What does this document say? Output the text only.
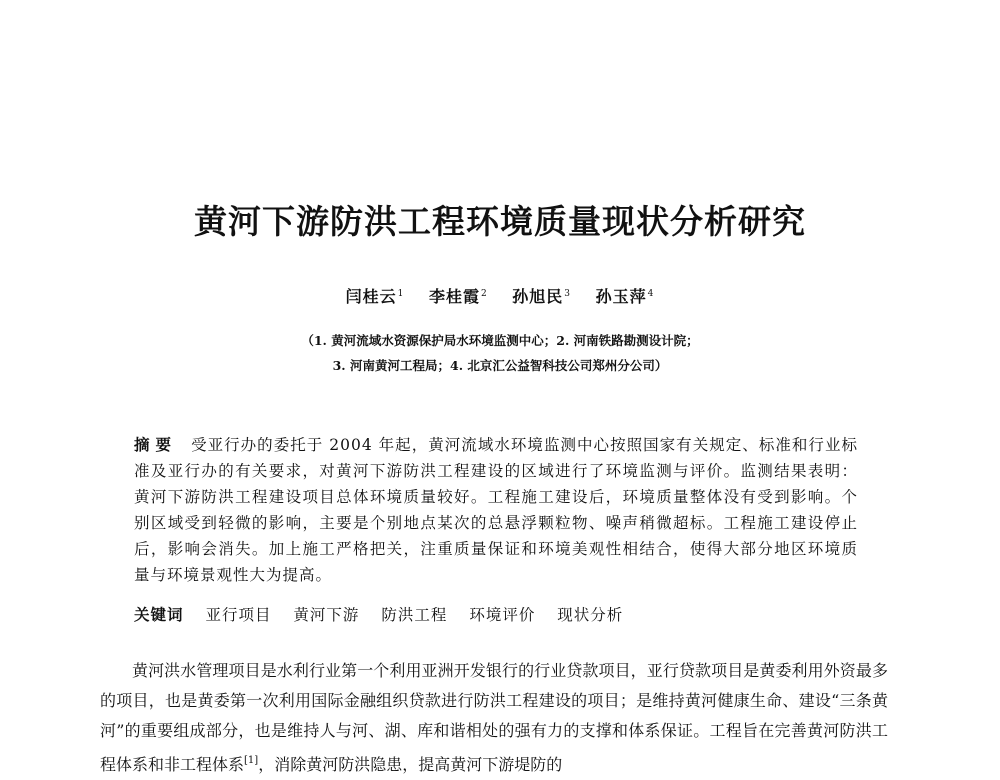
黄河下游防洪工程环境质量现状分析研究
闫桂云$^1$ 李桂霞$^2$ 孙旭民$^3$ 孙玉萍$^4$
（1. 黄河流域水资源保护局水环境监测中心；2. 河南铁路勘测设计院；
3. 河南黄河工程局；4. 北京汇公益智科技公司郑州分公司）

摘要 受亚行办的委托于 2004 年起，黄河流域水环境监测中心按照国家有关规定、标准和行业标准及亚行办的有关要求，对黄河下游防洪工程建设的区域进行了环境监测与评价。监测结果表明：黄河下游防洪工程建设项目总体环境质量较好。工程施工建设后，环境质量整体没有受到影响。个别区域受到轻微的影响，主要是个别地点某次的总悬浮颗粒物、噪声稍微超标。工程施工建设停止后，影响会消失。加上施工严格把关，注重质量保证和环境美观性相结合，使得大部分地区环境质量与环境景观性大为提高。

关键词 亚行项目 黄河下游 防洪工程 环境评价 现状分析

黄河洪水管理项目是水利行业第一个利用亚洲开发银行的行业贷款项目，亚行贷款项目是黄委利用外资最多的项目，也是黄委第一次利用国际金融组织贷款进行防洪工程建设的项目；是维持黄河健康生命、建设“三条黄河”的重要组成部分，也是维持人与河、湖、库和谐相处的强有力的支撑和体系保证。工程旨在完善黄河防洪工程体系和非工程体系[1]，消除黄河防洪隐患，提高黄河下游堤防的
